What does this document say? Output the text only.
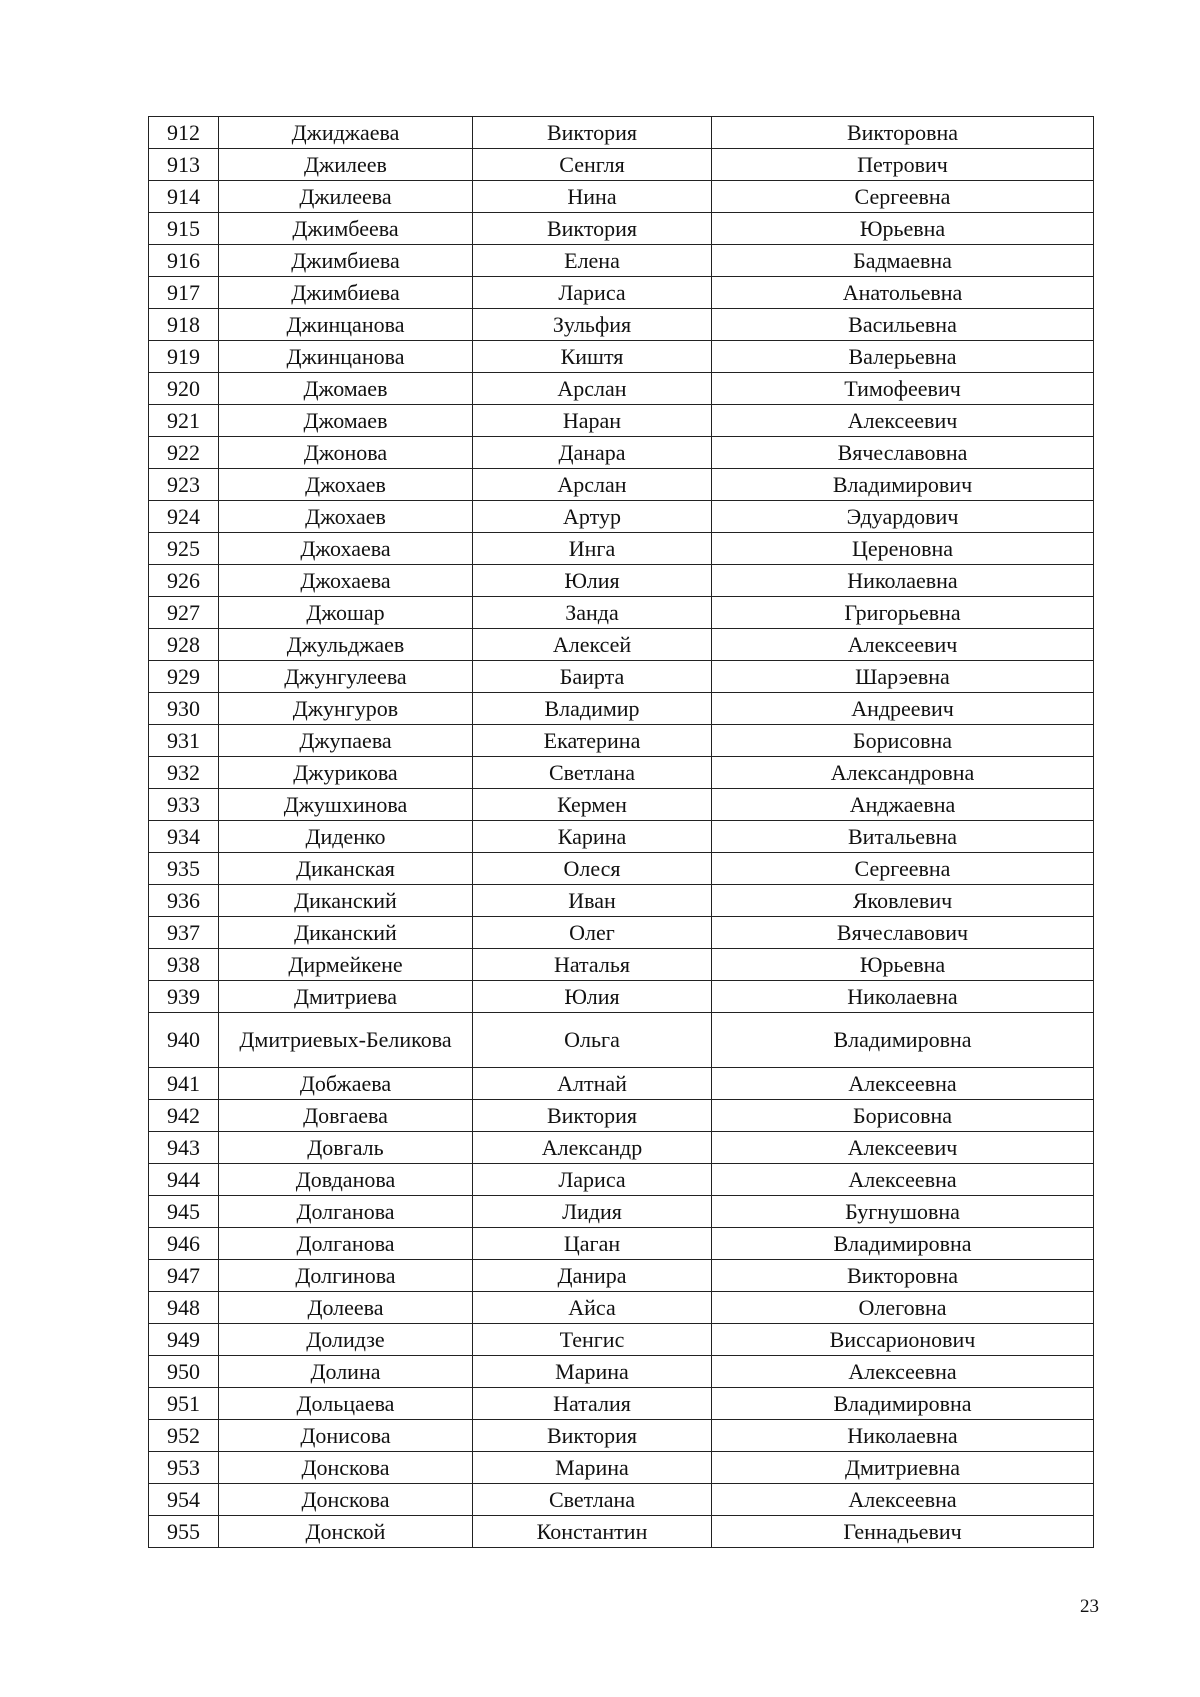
912	Джиджаева	Виктория	Викторовна
913	Джилеев	Сенгля	Петрович
914	Джилеева	Нина	Сергеевна
915	Джимбеева	Виктория	Юрьевна
916	Джимбиева	Елена	Бадмаевна
917	Джимбиева	Лариса	Анатольевна
918	Джинцанова	Зульфия	Васильевна
919	Джинцанова	Киштя	Валерьевна
920	Джомаев	Арслан	Тимофеевич
921	Джомаев	Наран	Алексеевич
922	Джонова	Данара	Вячеславовна
923	Джохаев	Арслан	Владимирович
924	Джохаев	Артур	Эдуардович
925	Джохаева	Инга	Цереновна
926	Джохаева	Юлия	Николаевна
927	Джошар	Занда	Григорьевна
928	Джульджаев	Алексей	Алексеевич
929	Джунгулеева	Баирта	Шарэевна
930	Джунгуров	Владимир	Андреевич
931	Джупаева	Екатерина	Борисовна
932	Джурикова	Светлана	Александровна
933	Джушхинова	Кермен	Анджаевна
934	Диденко	Карина	Витальевна
935	Диканская	Олеся	Сергеевна
936	Диканский	Иван	Яковлевич
937	Диканский	Олег	Вячеславович
938	Дирмейкене	Наталья	Юрьевна
939	Дмитриева	Юлия	Николаевна
940	Дмитриевых-Беликова	Ольга	Владимировна
941	Добжаева	Алтнай	Алексеевна
942	Довгаева	Виктория	Борисовна
943	Довгаль	Александр	Алексеевич
944	Довданова	Лариса	Алексеевна
945	Долганова	Лидия	Бугнушовна
946	Долганова	Цаган	Владимировна
947	Долгинова	Данира	Викторовна
948	Долеева	Айса	Олеговна
949	Долидзе	Тенгис	Виссарионович
950	Долина	Марина	Алексеевна
951	Дольцаева	Наталия	Владимировна
952	Донисова	Виктория	Николаевна
953	Донскова	Марина	Дмитриевна
954	Донскова	Светлана	Алексеевна
955	Донской	Константин	Геннадьевич
23
